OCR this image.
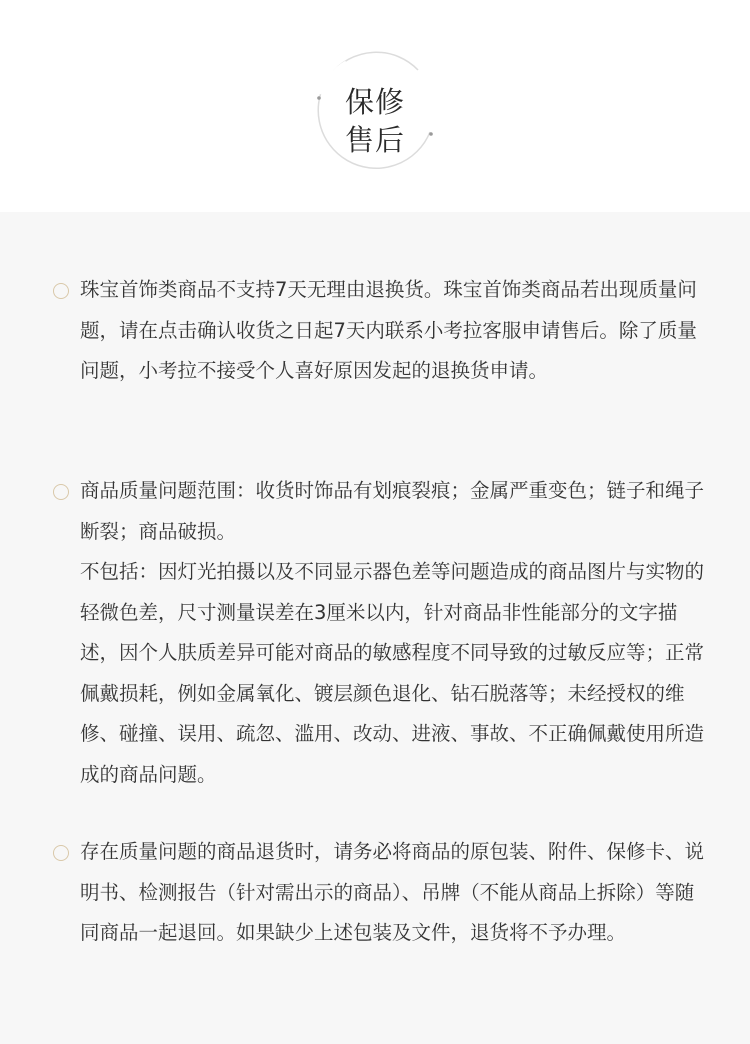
保修
售后

珠宝首饰类商品不支持7天无理由退换货。珠宝首饰类商品若出现质量问题，请在点击确认收货之日起7天内联系小考拉客服申请售后。除了质量问题，小考拉不接受个人喜好原因发起的退换货申请。

商品质量问题范围：收货时饰品有划痕裂痕；金属严重变色；链子和绳子断裂；商品破损。

不包括：因灯光拍摄以及不同显示器色差等问题造成的商品图片与实物的轻微色差，尺寸测量误差在3厘米以内，针对商品非性能部分的文字描述，因个人肤质差异可能对商品的敏感程度不同导致的过敏反应等；正常佩戴损耗，例如金属氧化、镀层颜色退化、钻石脱落等；未经授权的维修、碰撞、误用、疏忽、滥用、改动、进液、事故、不正确佩戴使用所造成的商品问题。

存在质量问题的商品退货时，请务必将商品的原包装、附件、保修卡、说明书、检测报告（针对需出示的商品）、吊牌（不能从商品上拆除）等随同商品一起退回。如果缺少上述包装及文件，退货将不予办理。
